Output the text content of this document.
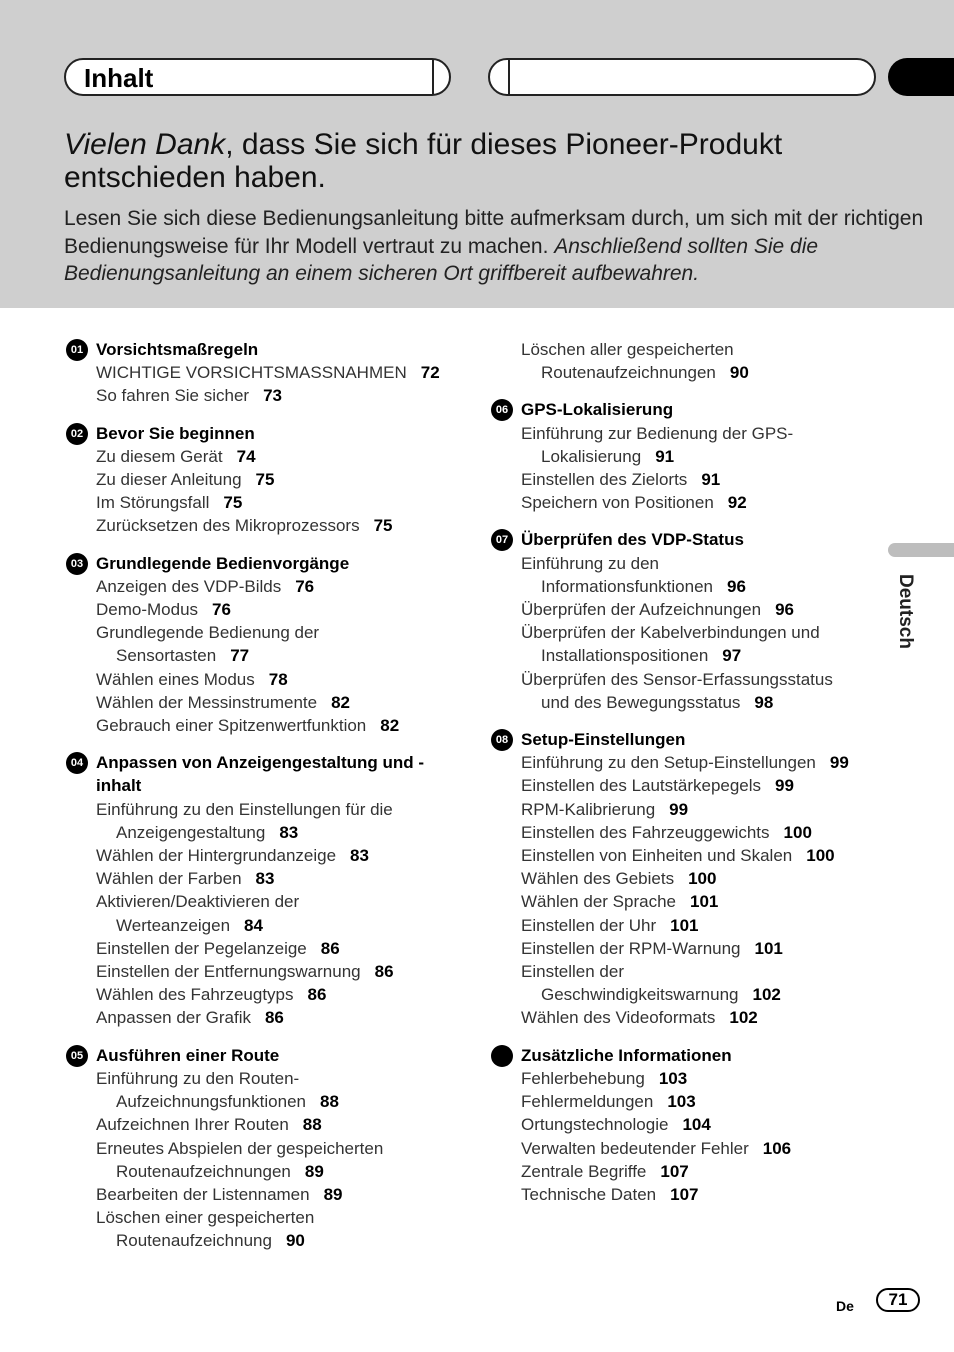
Inhalt
Vielen Dank, dass Sie sich für dieses Pioneer-Produkt entschieden haben.
Lesen Sie sich diese Bedienungsanleitung bitte aufmerksam durch, um sich mit der richtigen Bedienungsweise für Ihr Modell vertraut zu machen. Anschließend sollten Sie die Bedienungsanleitung an einem sicheren Ort griffbereit aufbewahren.
01 Vorsichtsmaßregeln
WICHTIGE VORSICHTSMASSNAHMEN 72
So fahren Sie sicher 73
02 Bevor Sie beginnen
Zu diesem Gerät 74
Zu dieser Anleitung 75
Im Störungsfall 75
Zurücksetzen des Mikroprozessors 75
03 Grundlegende Bedienvorgänge
Anzeigen des VDP-Bilds 76
Demo-Modus 76
Grundlegende Bedienung der
Sensortasten 77
Wählen eines Modus 78
Wählen der Messinstrumente 82
Gebrauch einer Spitzenwertfunktion 82
04 Anpassen von Anzeigengestaltung und -inhalt
Einführung zu den Einstellungen für die
Anzeigengestaltung 83
Wählen der Hintergrundanzeige 83
Wählen der Farben 83
Aktivieren/Deaktivieren der
Werteanzeigen 84
Einstellen der Pegelanzeige 86
Einstellen der Entfernungswarnung 86
Wählen des Fahrzeugtyps 86
Anpassen der Grafik 86
05 Ausführen einer Route
Einführung zu den Routen-
Aufzeichnungsfunktionen 88
Aufzeichnen Ihrer Routen 88
Erneutes Abspielen der gespeicherten
Routenaufzeichnungen 89
Bearbeiten der Listennamen 89
Löschen einer gespeicherten
Routenaufzeichnung 90
Löschen aller gespeicherten
Routenaufzeichnungen 90
06 GPS-Lokalisierung
Einführung zur Bedienung der GPS-
Lokalisierung 91
Einstellen des Zielorts 91
Speichern von Positionen 92
07 Überprüfen des VDP-Status
Einführung zu den
Informationsfunktionen 96
Überprüfen der Aufzeichnungen 96
Überprüfen der Kabelverbindungen und
Installationspositionen 97
Überprüfen des Sensor-Erfassungsstatus
und des Bewegungsstatus 98
08 Setup-Einstellungen
Einführung zu den Setup-Einstellungen 99
Einstellen des Lautstärkepegels 99
RPM-Kalibrierung 99
Einstellen des Fahrzeuggewichts 100
Einstellen von Einheiten und Skalen 100
Wählen des Gebiets 100
Wählen der Sprache 101
Einstellen der Uhr 101
Einstellen der RPM-Warnung 101
Einstellen der
Geschwindigkeitswarnung 102
Wählen des Videoformats 102
Zusätzliche Informationen
Fehlerbehebung 103
Fehlermeldungen 103
Ortungstechnologie 104
Verwalten bedeutender Fehler 106
Zentrale Begriffe 107
Technische Daten 107
Deutsch
De	71
